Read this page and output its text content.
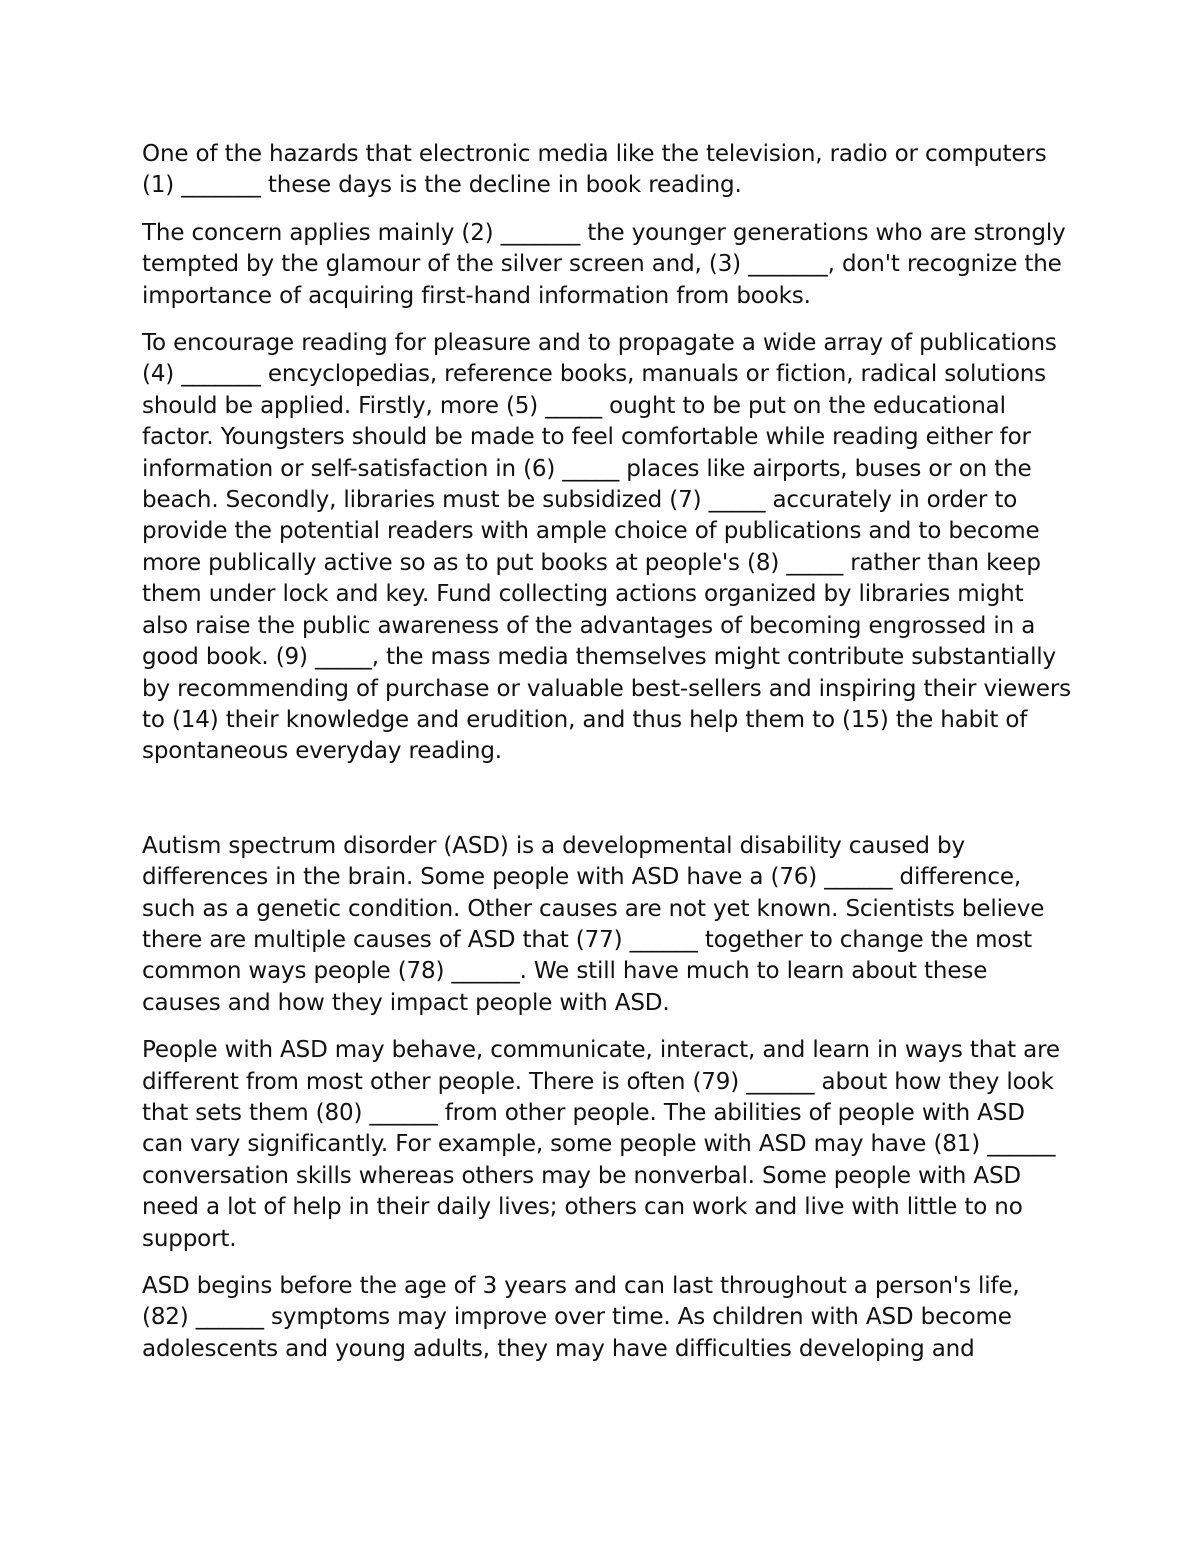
One of the hazards that electronic media like the television, radio or computers (1) _______ these days is the decline in book reading.

The concern applies mainly (2) _______ the younger generations who are strongly tempted by the glamour of the silver screen and, (3) _______, don't recognize the importance of acquiring first-hand information from books.

To encourage reading for pleasure and to propagate a wide array of publications (4) _______ encyclopedias, reference books, manuals or fiction, radical solutions should be applied. Firstly, more (5) _____ ought to be put on the educational factor. Youngsters should be made to feel comfortable while reading either for information or self-satisfaction in (6) _____ places like airports, buses or on the beach. Secondly, libraries must be subsidized (7) _____ accurately in order to provide the potential readers with ample choice of publications and to become more publically active so as to put books at people's (8) _____ rather than keep them under lock and key. Fund collecting actions organized by libraries might also raise the public awareness of the advantages of becoming engrossed in a good book. (9) _____, the mass media themselves might contribute substantially by recommending of purchase or valuable best-sellers and inspiring their viewers to (14) their knowledge and erudition, and thus help them to (15) the habit of spontaneous everyday reading.

Autism spectrum disorder (ASD) is a developmental disability caused by differences in the brain. Some people with ASD have a (76) ______ difference, such as a genetic condition. Other causes are not yet known. Scientists believe there are multiple causes of ASD that (77) ______ together to change the most common ways people (78) ______. We still have much to learn about these causes and how they impact people with ASD.

People with ASD may behave, communicate, interact, and learn in ways that are different from most other people. There is often (79) ______ about how they look that sets them (80) ______ from other people. The abilities of people with ASD can vary significantly. For example, some people with ASD may have (81) ______ conversation skills whereas others may be nonverbal. Some people with ASD need a lot of help in their daily lives; others can work and live with little to no support.

ASD begins before the age of 3 years and can last throughout a person's life, (82) ______ symptoms may improve over time. As children with ASD become adolescents and young adults, they may have difficulties developing and
